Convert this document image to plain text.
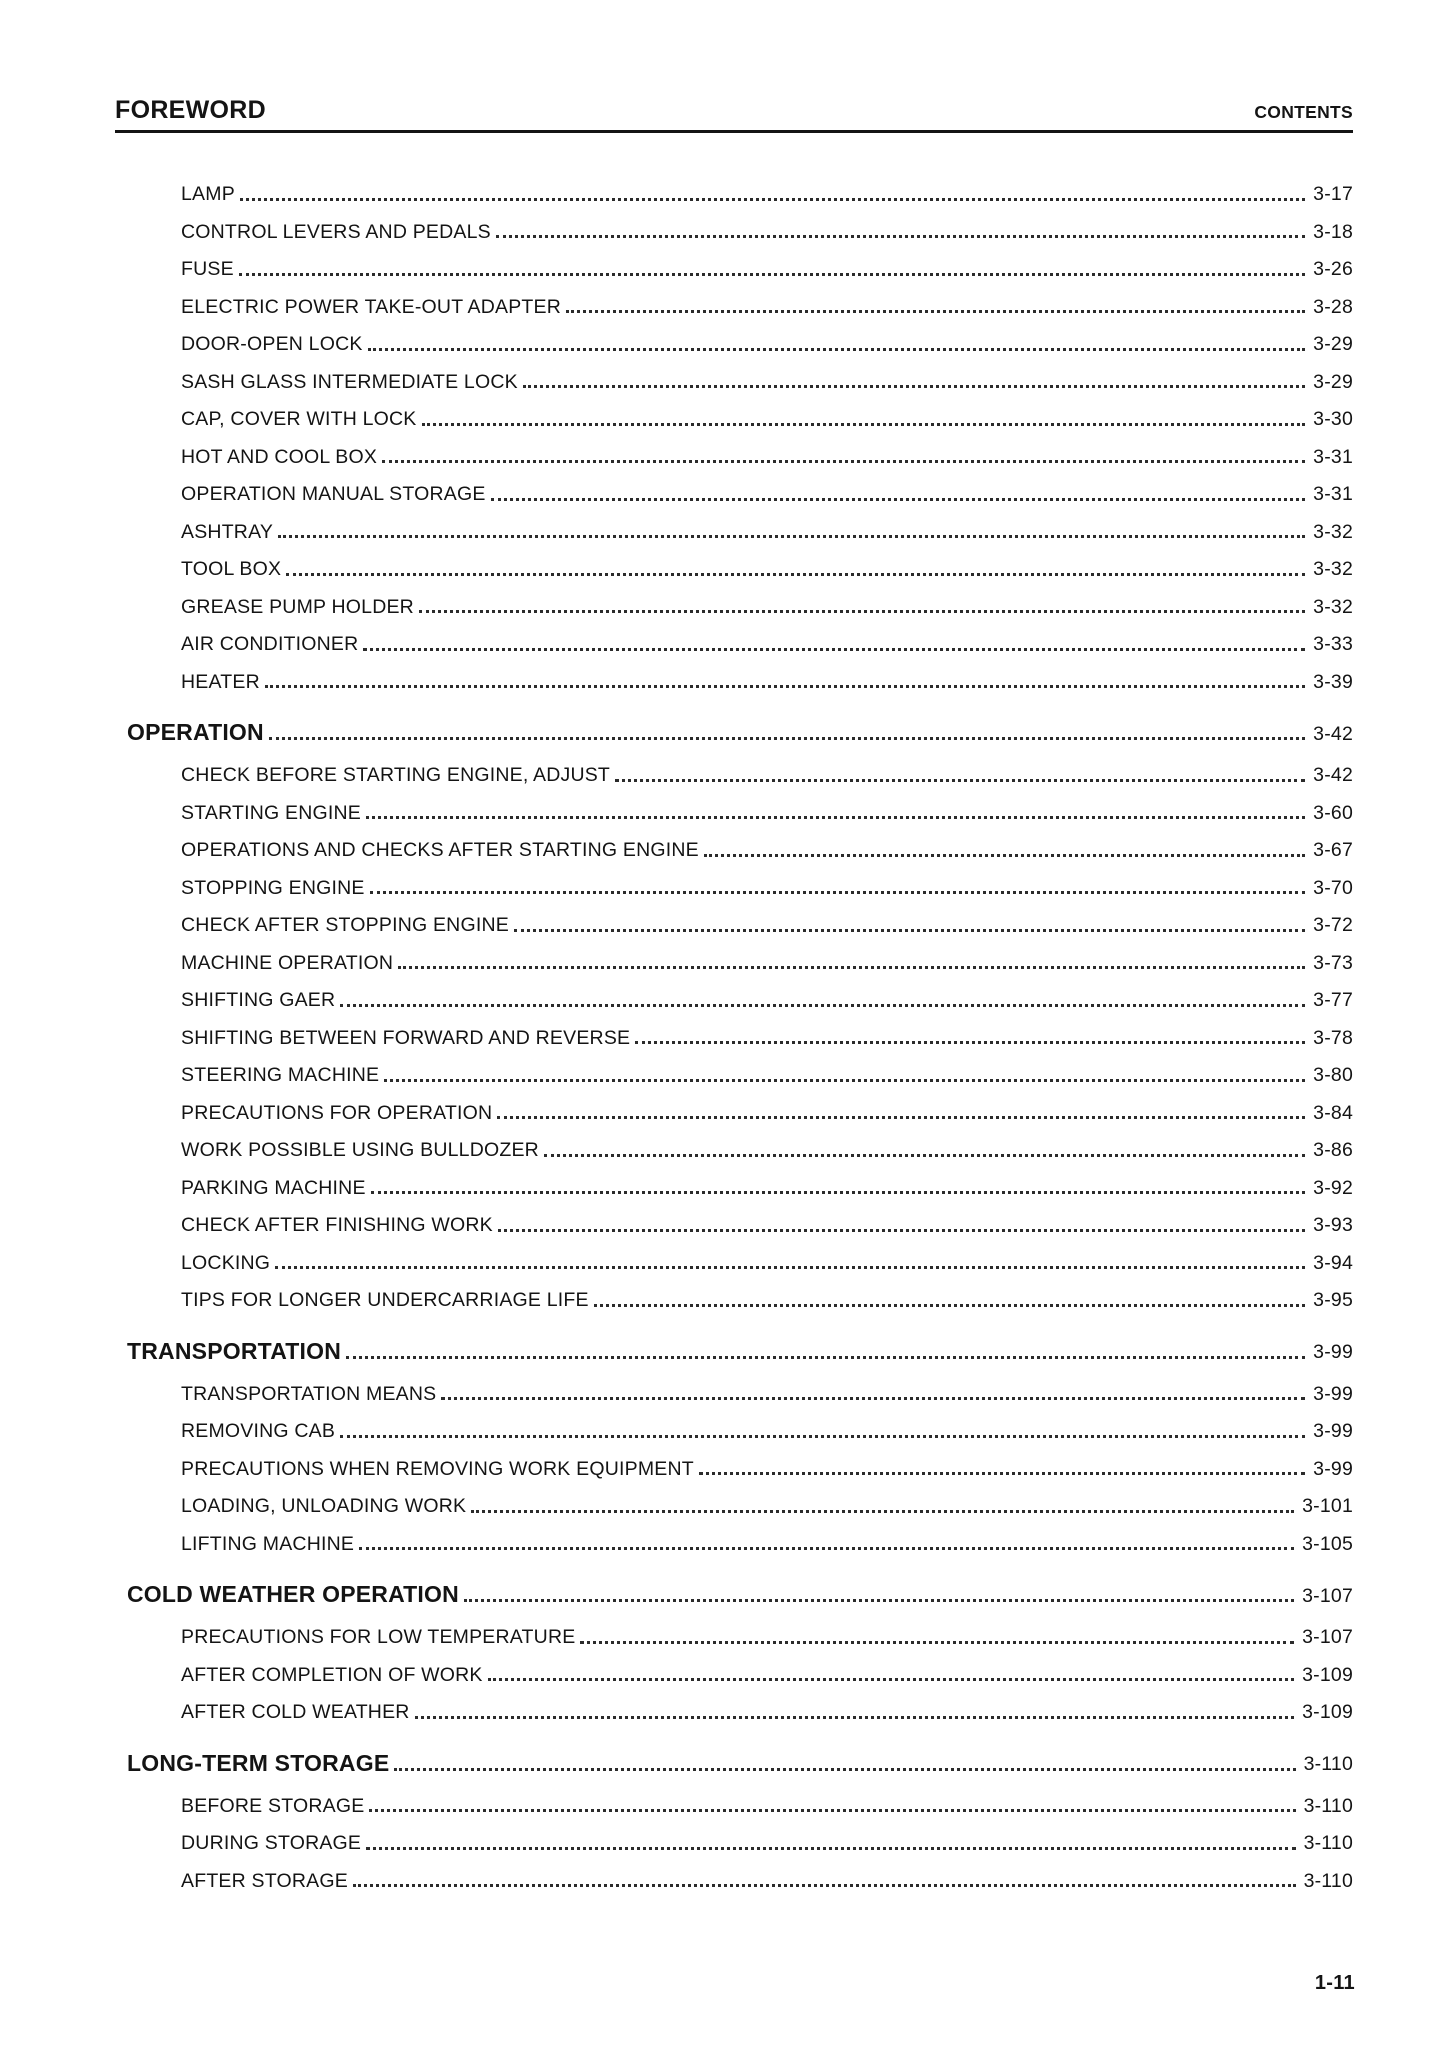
FOREWORD	CONTENTS
LAMP	3-17
CONTROL LEVERS AND PEDALS	3-18
FUSE	3-26
ELECTRIC POWER TAKE-OUT ADAPTER	3-28
DOOR-OPEN LOCK	3-29
SASH GLASS INTERMEDIATE LOCK	3-29
CAP, COVER WITH LOCK	3-30
HOT AND COOL BOX	3-31
OPERATION MANUAL STORAGE	3-31
ASHTRAY	3-32
TOOL BOX	3-32
GREASE PUMP HOLDER	3-32
AIR CONDITIONER	3-33
HEATER	3-39
OPERATION	3-42
CHECK BEFORE STARTING ENGINE, ADJUST	3-42
STARTING ENGINE	3-60
OPERATIONS AND CHECKS AFTER STARTING ENGINE	3-67
STOPPING ENGINE	3-70
CHECK AFTER STOPPING ENGINE	3-72
MACHINE OPERATION	3-73
SHIFTING GAER	3-77
SHIFTING BETWEEN FORWARD AND REVERSE	3-78
STEERING MACHINE	3-80
PRECAUTIONS FOR OPERATION	3-84
WORK POSSIBLE USING BULLDOZER	3-86
PARKING MACHINE	3-92
CHECK AFTER FINISHING WORK	3-93
LOCKING	3-94
TIPS FOR LONGER UNDERCARRIAGE LIFE	3-95
TRANSPORTATION	3-99
TRANSPORTATION MEANS	3-99
REMOVING CAB	3-99
PRECAUTIONS WHEN REMOVING WORK EQUIPMENT	3-99
LOADING, UNLOADING WORK	3-101
LIFTING MACHINE	3-105
COLD WEATHER OPERATION	3-107
PRECAUTIONS FOR LOW TEMPERATURE	3-107
AFTER COMPLETION OF WORK	3-109
AFTER COLD WEATHER	3-109
LONG-TERM STORAGE	3-110
BEFORE STORAGE	3-110
DURING STORAGE	3-110
AFTER STORAGE	3-110
1-11
